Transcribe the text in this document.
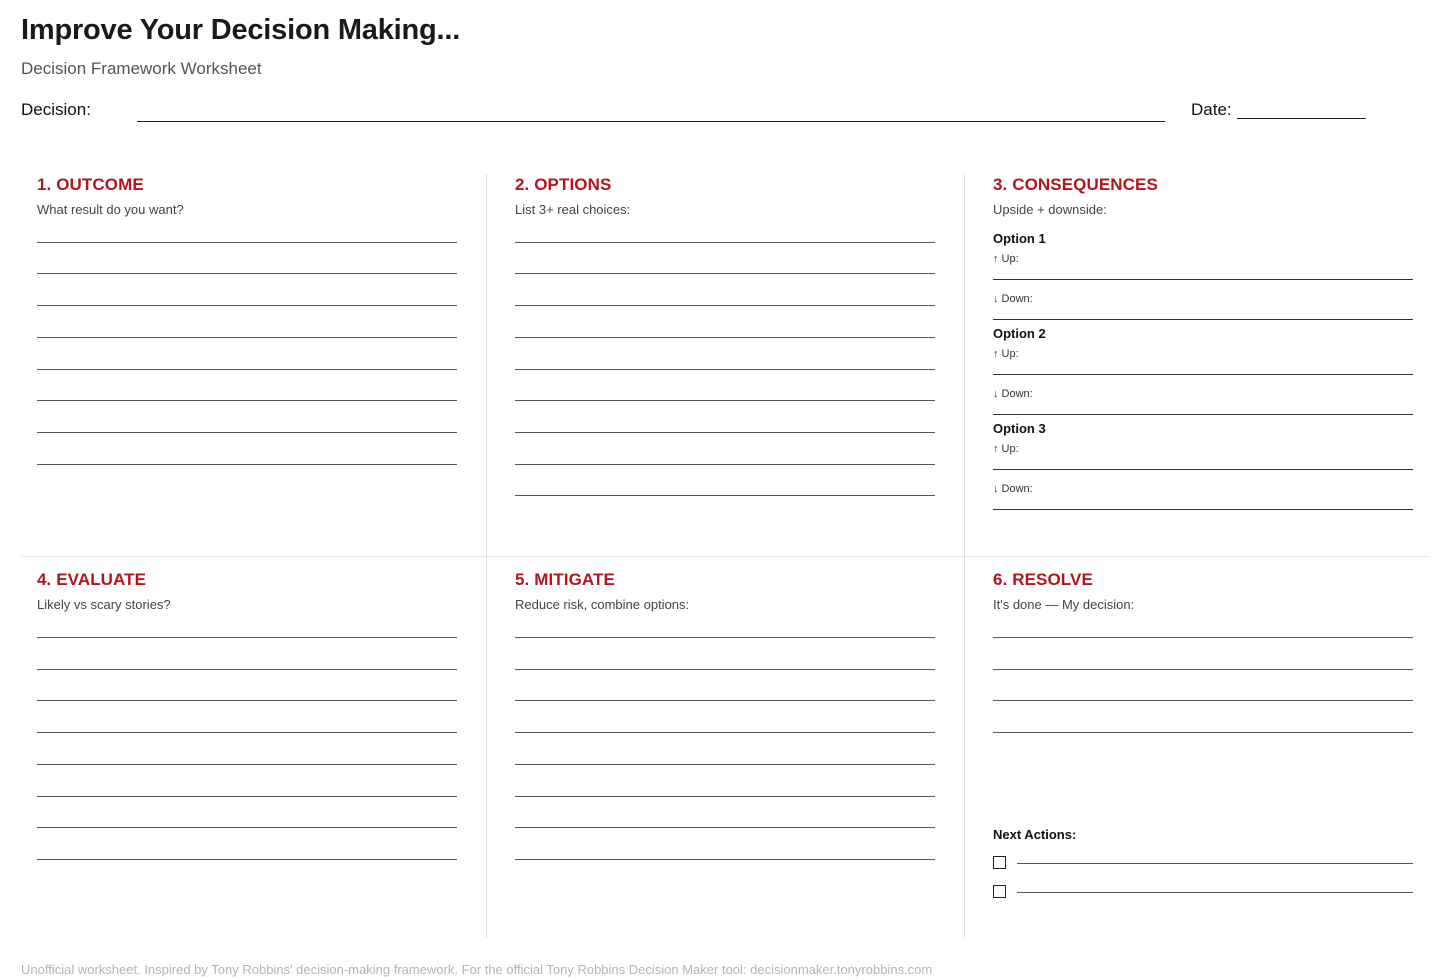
Improve Your Decision Making...
Decision Framework Worksheet
Decision:	Date:
1. OUTCOME
What result do you want?
2. OPTIONS
List 3+ real choices:
3. CONSEQUENCES
Upside + downside:
Option 1
↑ Up:
↓ Down:
Option 2
↑ Up:
↓ Down:
Option 3
↑ Up:
↓ Down:
4. EVALUATE
Likely vs scary stories?
5. MITIGATE
Reduce risk, combine options:
6. RESOLVE
It's done — My decision:
Next Actions:
Unofficial worksheet. Inspired by Tony Robbins' decision-making framework. For the official Tony Robbins Decision Maker tool: decisionmaker.tonyrobbins.com
